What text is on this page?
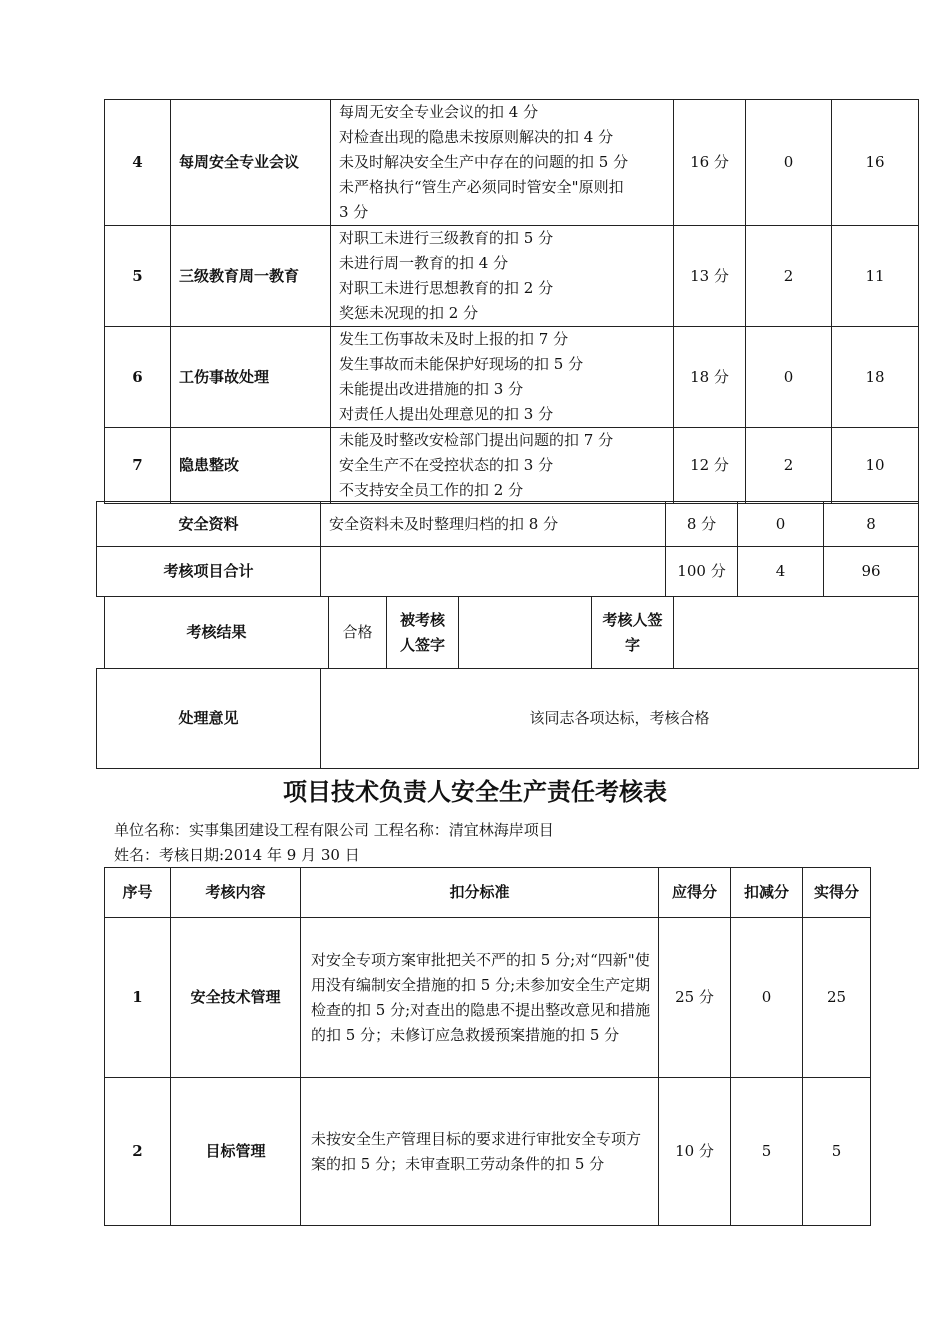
4	每周安全专业会议	每周无安全专业会议的扣 4 分
对检查出现的隐患未按原则解决的扣 4 分
未及时解决安全生产中存在的问题的扣 5 分
未严格执行“管生产必须同时管安全"原则扣
3 分	16 分	0	16
5	三级教育周一教育	对职工未进行三级教育的扣 5 分
未进行周一教育的扣 4 分
对职工未进行思想教育的扣 2 分
奖惩未况现的扣 2 分	13 分	2	11
6	工伤事故处理	发生工伤事故未及时上报的扣 7 分
发生事故而未能保护好现场的扣 5 分
未能提出改进措施的扣 3 分
对责任人提出处理意见的扣 3 分	18 分	0	18
7	隐患整改	未能及时整改安检部门提出问题的扣 7 分
安全生产不在受控状态的扣 3 分
不支持安全员工作的扣 2 分	12 分	2	10
安全资料	安全资料未及时整理归档的扣 8 分	8 分	0	8
考核项目合计		100 分	4	96
考核结果	合格	被考核人签字		考核人签字	
处理意见	该同志各项达标，考核合格
项目技术负责人安全生产责任考核表
单位名称：实事集团建设工程有限公司 工程名称：清宜林海岸项目
姓名：考核日期:2014 年 9 月 30 日
序号	考核内容	扣分标准	应得分	扣减分	实得分
1	安全技术管理	对安全专项方案审批把关不严的扣 5 分;对“四新"使用没有编制安全措施的扣 5 分;未参加安全生产定期检查的扣 5 分;对查出的隐患不提出整改意见和措施的扣 5 分；未修订应急救援预案措施的扣 5 分	25 分	0	25
2	目标管理	未按安全生产管理目标的要求进行审批安全专项方案的扣 5 分；未审查职工劳动条件的扣 5 分	10 分	5	5
